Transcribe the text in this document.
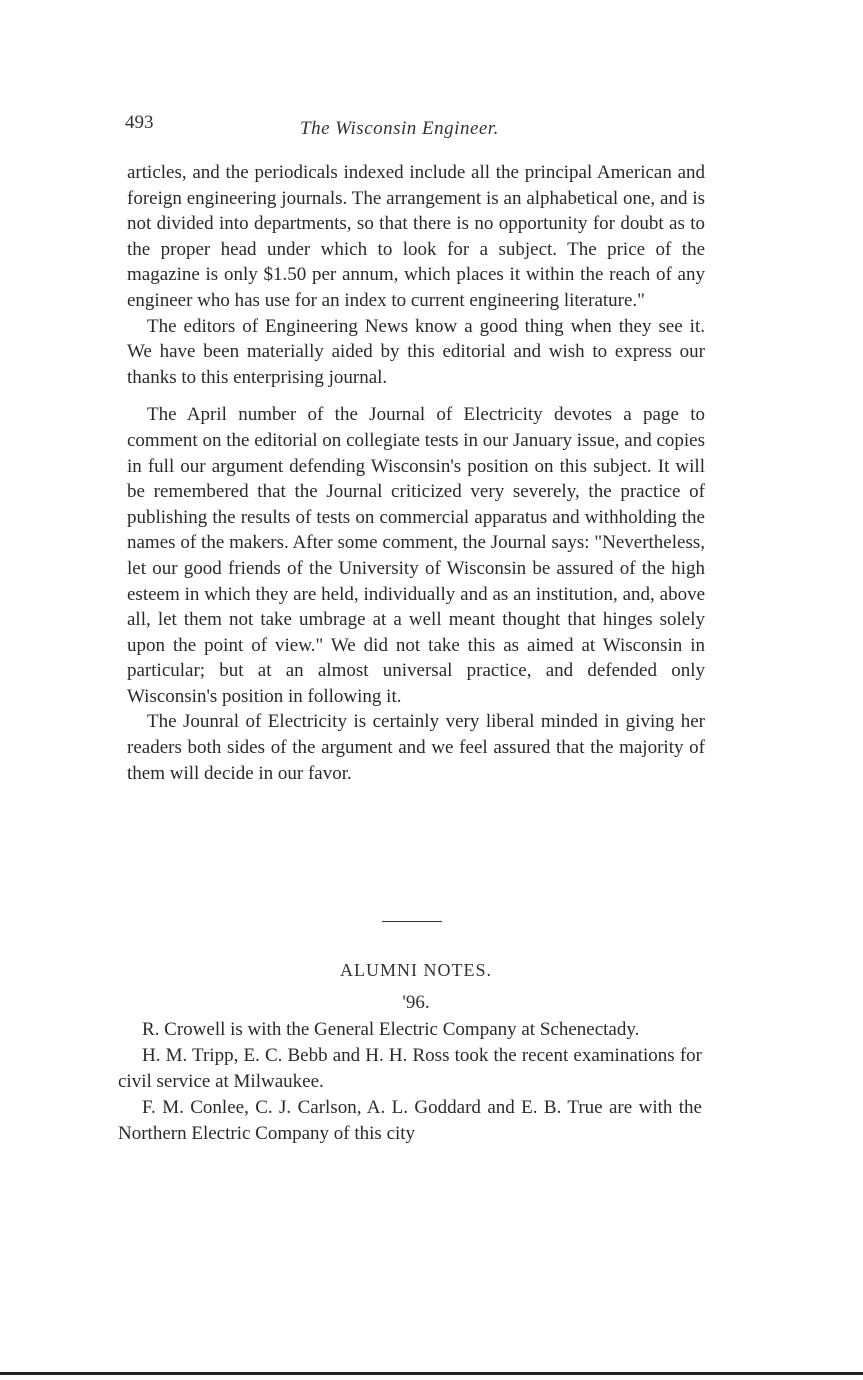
493	The Wisconsin Engineer.

articles, and the periodicals indexed include all the principal American and foreign engineering journals. The arrangement is an alphabetical one, and is not divided into departments, so that there is no opportunity for doubt as to the proper head under which to look for a subject. The price of the magazine is only $1.50 per annum, which places it within the reach of any engineer who has use for an index to current engineering literature."

The editors of Engineering News know a good thing when they see it. We have been materially aided by this editorial and wish to express our thanks to this enterprising journal.

The April number of the Journal of Electricity devotes a page to comment on the editorial on collegiate tests in our January issue, and copies in full our argument defending Wisconsin's position on this subject. It will be remembered that the Journal criticized very severely, the practice of publishing the results of tests on commercial apparatus and withholding the names of the makers. After some comment, the Journal says: "Nevertheless, let our good friends of the University of Wisconsin be assured of the high esteem in which they are held, individually and as an institution, and, above all, let them not take umbrage at a well meant thought that hinges solely upon the point of view." We did not take this as aimed at Wisconsin in particular; but at an almost universal practice, and defended only Wisconsin's position in following it.

The Jounral of Electricity is certainly very liberal minded in giving her readers both sides of the argument and we feel assured that the majority of them will decide in our favor.

ALUMNI NOTES.
'96.

R. Crowell is with the General Electric Company at Schenectady.

H. M. Tripp, E. C. Bebb and H. H. Ross took the recent examinations for civil service at Milwaukee.

F. M. Conlee, C. J. Carlson, A. L. Goddard and E. B. True are with the Northern Electric Company of this city
